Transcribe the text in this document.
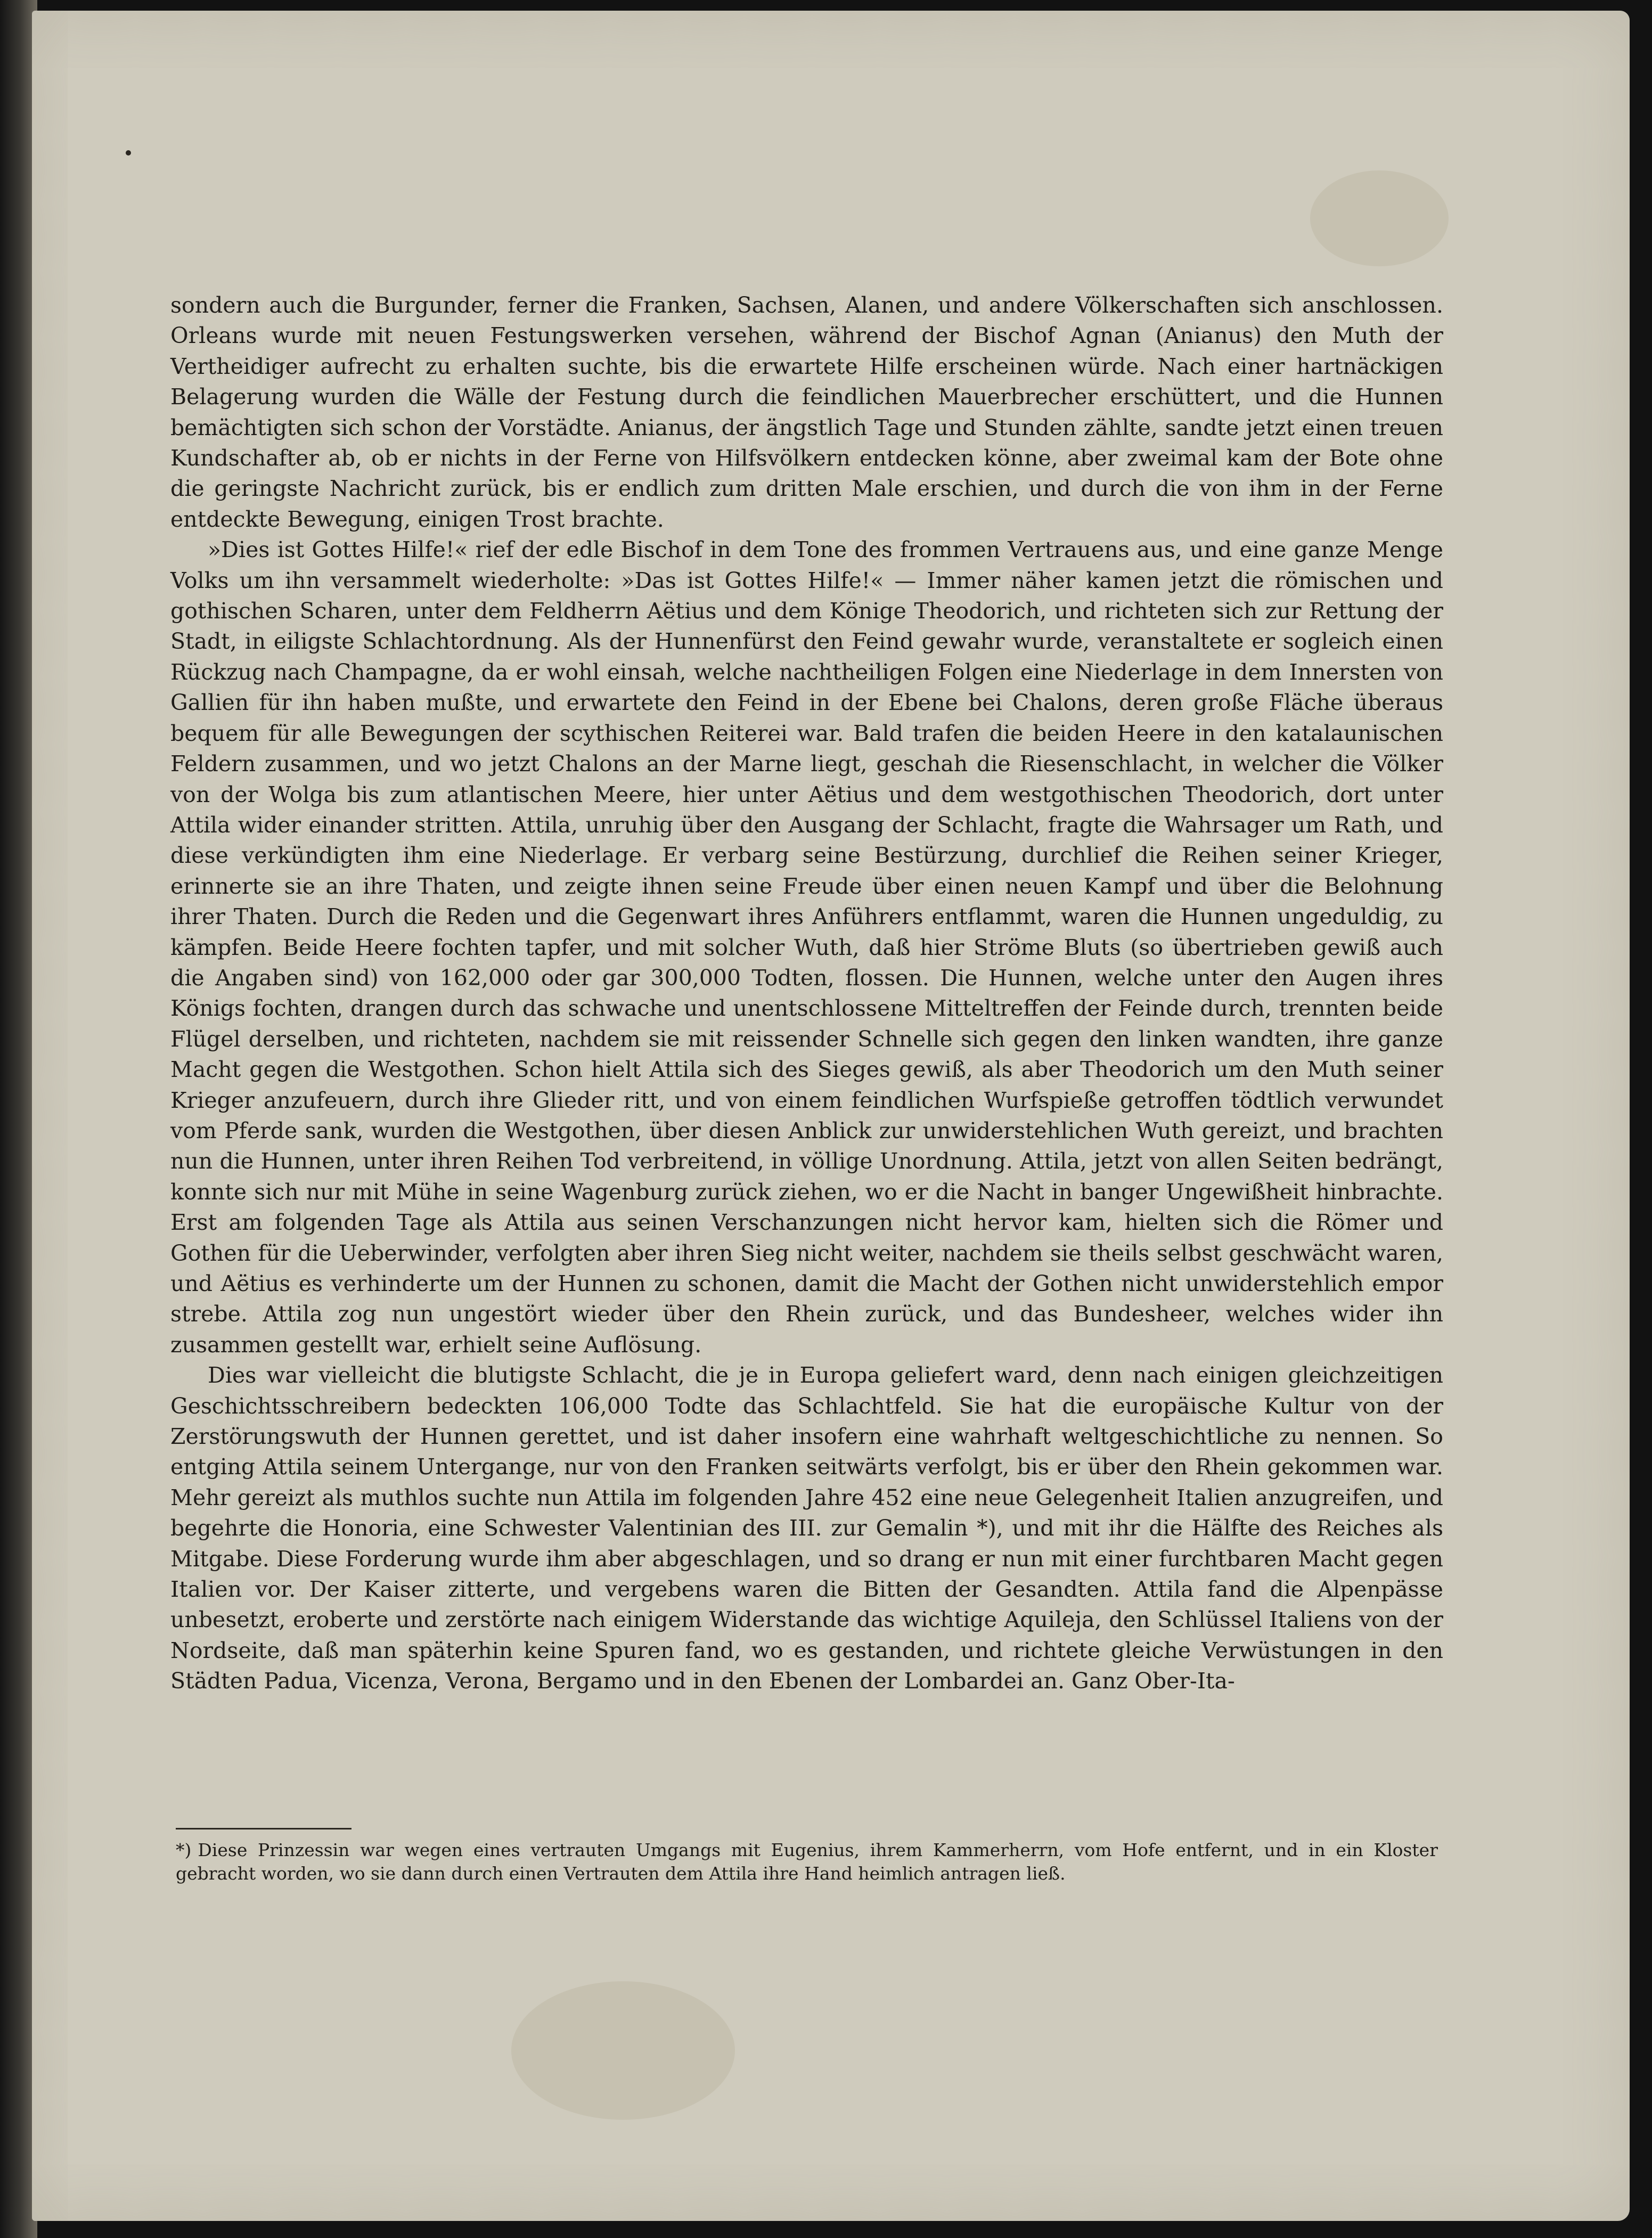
sondern auch die Burgunder, ferner die Franken, Sachsen, Alanen, und andere Völkerschaften sich anschlossen. Orleans wurde mit neuen Festungswerken versehen, während der Bischof Agnan (Anianus) den Muth der Vertheidiger aufrecht zu erhalten suchte, bis die erwartete Hilfe erscheinen würde. Nach einer hartnäckigen Belagerung wurden die Wälle der Festung durch die feindlichen Mauerbrecher erschüttert, und die Hunnen bemächtigten sich schon der Vorstädte. Anianus, der ängstlich Tage und Stunden zählte, sandte jetzt einen treuen Kundschafter ab, ob er nichts in der Ferne von Hilfsvölkern entdecken könne, aber zweimal kam der Bote ohne die geringste Nachricht zurück, bis er endlich zum dritten Male erschien, und durch die von ihm in der Ferne entdeckte Bewegung, einigen Trost brachte.

»Dies ist Gottes Hilfe!« rief der edle Bischof in dem Tone des frommen Vertrauens aus, und eine ganze Menge Volks um ihn versammelt wiederholte: »Das ist Gottes Hilfe!« — Immer näher kamen jetzt die römischen und gothischen Scharen, unter dem Feldherrn Aëtius und dem Könige Theodorich, und richteten sich zur Rettung der Stadt, in eiligste Schlachtordnung. Als der Hunnenfürst den Feind gewahr wurde, veranstaltete er sogleich einen Rückzug nach Champagne, da er wohl einsah, welche nachtheiligen Folgen eine Niederlage in dem Innersten von Gallien für ihn haben mußte, und erwartete den Feind in der Ebene bei Chalons, deren große Fläche überaus bequem für alle Bewegungen der scythischen Reiterei war. Bald trafen die beiden Heere in den katalaunischen Feldern zusammen, und wo jetzt Chalons an der Marne liegt, geschah die Riesenschlacht, in welcher die Völker von der Wolga bis zum atlantischen Meere, hier unter Aëtius und dem westgothischen Theodorich, dort unter Attila wider einander stritten. Attila, unruhig über den Ausgang der Schlacht, fragte die Wahrsager um Rath, und diese verkündigten ihm eine Niederlage. Er verbarg seine Bestürzung, durchlief die Reihen seiner Krieger, erinnerte sie an ihre Thaten, und zeigte ihnen seine Freude über einen neuen Kampf und über die Belohnung ihrer Thaten. Durch die Reden und die Gegenwart ihres Anführers entflammt, waren die Hunnen ungeduldig, zu kämpfen. Beide Heere fochten tapfer, und mit solcher Wuth, daß hier Ströme Bluts (so übertrieben gewiß auch die Angaben sind) von 162,000 oder gar 300,000 Todten, flossen. Die Hunnen, welche unter den Augen ihres Königs fochten, drangen durch das schwache und unentschlossene Mitteltreffen der Feinde durch, trennten beide Flügel derselben, und richteten, nachdem sie mit reissender Schnelle sich gegen den linken wandten, ihre ganze Macht gegen die Westgothen. Schon hielt Attila sich des Sieges gewiß, als aber Theodorich um den Muth seiner Krieger anzufeuern, durch ihre Glieder ritt, und von einem feindlichen Wurfspieße getroffen tödtlich verwundet vom Pferde sank, wurden die Westgothen, über diesen Anblick zur unwiderstehlichen Wuth gereizt, und brachten nun die Hunnen, unter ihren Reihen Tod verbreitend, in völlige Unordnung. Attila, jetzt von allen Seiten bedrängt, konnte sich nur mit Mühe in seine Wagenburg zurück ziehen, wo er die Nacht in banger Ungewißheit hinbrachte. Erst am folgenden Tage als Attila aus seinen Verschanzungen nicht hervor kam, hielten sich die Römer und Gothen für die Ueberwinder, verfolgten aber ihren Sieg nicht weiter, nachdem sie theils selbst geschwächt waren, und Aëtius es verhinderte um der Hunnen zu schonen, damit die Macht der Gothen nicht unwiderstehlich empor strebe. Attila zog nun ungestört wieder über den Rhein zurück, und das Bundesheer, welches wider ihn zusammen gestellt war, erhielt seine Auflösung.

Dies war vielleicht die blutigste Schlacht, die je in Europa geliefert ward, denn nach einigen gleichzeitigen Geschichtsschreibern bedeckten 106,000 Todte das Schlachtfeld. Sie hat die europäische Kultur von der Zerstörungswuth der Hunnen gerettet, und ist daher insofern eine wahrhaft weltgeschichtliche zu nennen. So entging Attila seinem Untergange, nur von den Franken seitwärts verfolgt, bis er über den Rhein gekommen war. Mehr gereizt als muthlos suchte nun Attila im folgenden Jahre 452 eine neue Gelegenheit Italien anzugreifen, und begehrte die Honoria, eine Schwester Valentinian des III. zur Gemalin *), und mit ihr die Hälfte des Reiches als Mitgabe. Diese Forderung wurde ihm aber abgeschlagen, und so drang er nun mit einer furchtbaren Macht gegen Italien vor. Der Kaiser zitterte, und vergebens waren die Bitten der Gesandten. Attila fand die Alpenpässe unbesetzt, eroberte und zerstörte nach einigem Widerstande das wichtige Aquileja, den Schlüssel Italiens von der Nordseite, daß man späterhin keine Spuren fand, wo es gestanden, und richtete gleiche Verwüstungen in den Städten Padua, Vicenza, Verona, Bergamo und in den Ebenen der Lombardei an. Ganz Ober-Ita-

*) Diese Prinzessin war wegen eines vertrauten Umgangs mit Eugenius, ihrem Kammerherrn, vom Hofe entfernt, und in ein Kloster gebracht worden, wo sie dann durch einen Vertrauten dem Attila ihre Hand heimlich antragen ließ.
